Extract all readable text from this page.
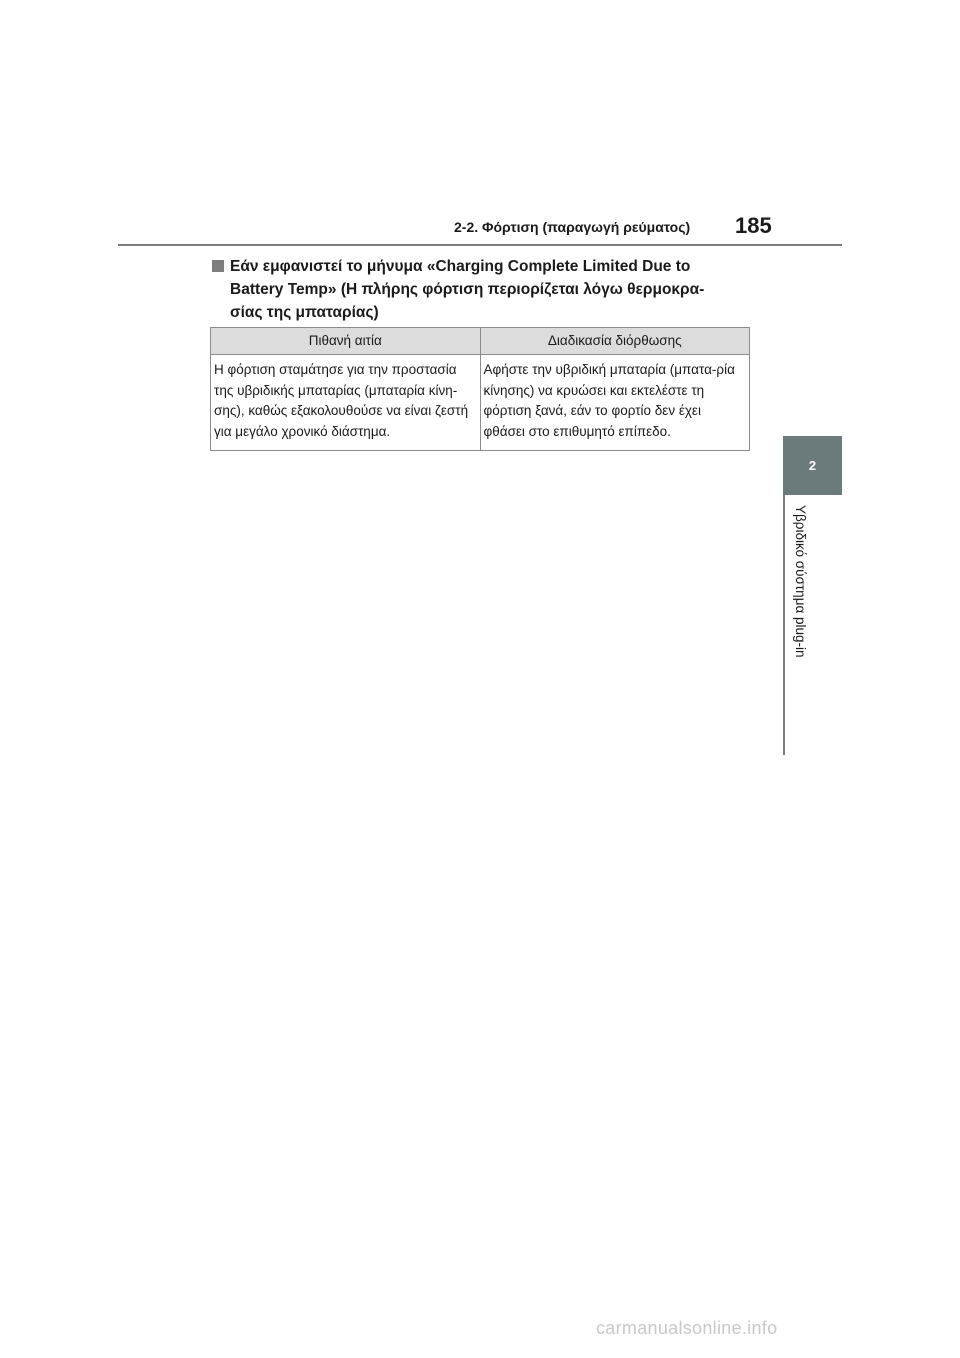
2-2. Φόρτιση (παραγωγή ρεύματος) 185
Εάν εμφανιστεί το μήνυμα «Charging Complete Limited Due to
Battery Temp» (Η πλήρης φόρτιση περιορίζεται λόγω θερμοκρα-
σίας της μπαταρίας)
Πιθανή αιτία	Διαδικασία διόρθωσης
Η φόρτιση σταμάτησε για την προστασία της υβριδικής μπαταρίας (μπαταρία κίνη-σης), καθώς εξακολουθούσε να είναι ζεστή για μεγάλο χρονικό διάστημα.	Αφήστε την υβριδική μπαταρία (μπατα-ρία κίνησης) να κρυώσει και εκτελέστε τη φόρτιση ξανά, εάν το φορτίο δεν έχει φθάσει στο επιθυμητό επίπεδο.
2
Υβριδικό σύστημα plug-in
carmanualsonline.info
